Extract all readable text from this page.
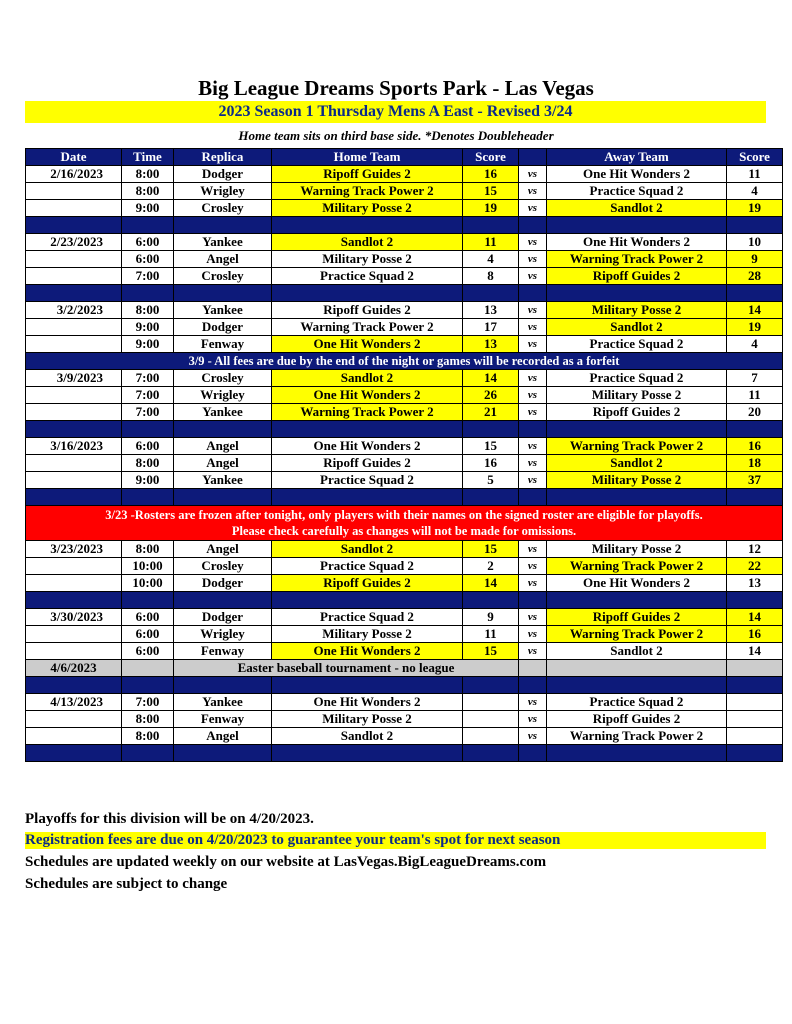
Big League Dreams Sports Park - Las Vegas
2023 Season 1 Thursday Mens A East - Revised 3/24
Home team sits on third base side. *Denotes Doubleheader
Date	Time	Replica	Home Team	Score		Away Team	Score
2/16/2023	8:00	Dodger	Ripoff Guides 2	16	vs	One Hit Wonders 2	11
	8:00	Wrigley	Warning Track Power 2	15	vs	Practice Squad 2	4
	9:00	Crosley	Military Posse 2	19	vs	Sandlot 2	19

2/23/2023	6:00	Yankee	Sandlot 2	11	vs	One Hit Wonders 2	10
	6:00	Angel	Military Posse 2	4	vs	Warning Track Power 2	9
	7:00	Crosley	Practice Squad 2	8	vs	Ripoff Guides 2	28

3/2/2023	8:00	Yankee	Ripoff Guides 2	13	vs	Military Posse 2	14
	9:00	Dodger	Warning Track Power 2	17	vs	Sandlot 2	19
	9:00	Fenway	One Hit Wonders 2	13	vs	Practice Squad 2	4

3/9 - All fees are due by the end of the night or games will be recorded as a forfeit							

3/9/2023	7:00	Crosley	Sandlot 2	14	vs	Practice Squad 2	7
	7:00	Wrigley	One Hit Wonders 2	26	vs	Military Posse 2	11
	7:00	Yankee	Warning Track Power 2	21	vs	Ripoff Guides 2	20

3/16/2023	6:00	Angel	One Hit Wonders 2	15	vs	Warning Track Power 2	16
	8:00	Angel	Ripoff Guides 2	16	vs	Sandlot 2	18
	9:00	Yankee	Practice Squad 2	5	vs	Military Posse 2	37

3/23 -Rosters are frozen after tonight, only players with their names on the signed roster are eligible for playoffs.
Please check carefully as changes will not be made for omissions.							

3/23/2023	8:00	Angel	Sandlot 2	15	vs	Military Posse 2	12
	10:00	Crosley	Practice Squad 2	2	vs	Warning Track Power 2	22
	10:00	Dodger	Ripoff Guides 2	14	vs	One Hit Wonders 2	13

3/30/2023	6:00	Dodger	Practice Squad 2	9	vs	Ripoff Guides 2	14
	6:00	Wrigley	Military Posse 2	11	vs	Warning Track Power 2	16
	6:00	Fenway	One Hit Wonders 2	15	vs	Sandlot 2	14
4/6/2023		Easter baseball tournament - no league					

4/13/2023	7:00	Yankee	One Hit Wonders 2		vs	Practice Squad 2	
	8:00	Fenway	Military Posse 2		vs	Ripoff Guides 2	
	8:00	Angel	Sandlot 2		vs	Warning Track Power 2	

Playoffs for this division will be on 4/20/2023.
Registration fees are due on 4/20/2023 to guarantee your team's spot for next season
Schedules are updated weekly on our website at LasVegas.BigLeagueDreams.com
Schedules are subject to change
